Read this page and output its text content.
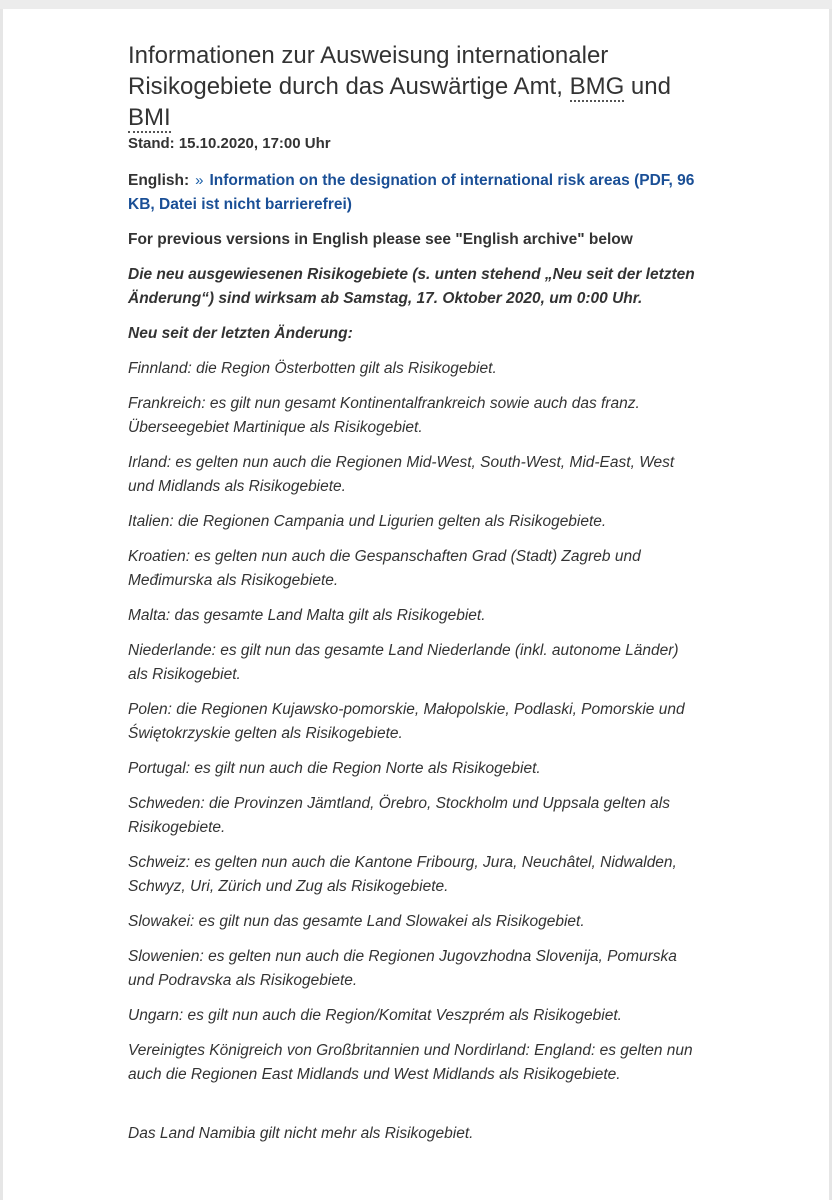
Informationen zur Ausweisung internationaler Risikogebiete durch das Auswärtige Amt, BMG und BMI
Stand: 15.10.2020, 17:00 Uhr

English: » Information on the designation of international risk areas (PDF, 96 KB, Datei ist nicht barrierefrei)

For previous versions in English please see "English archive" below

Die neu ausgewiesenen Risikogebiete (s. unten stehend „Neu seit der letzten Änderung“) sind wirksam ab Samstag, 17. Oktober 2020, um 0:00 Uhr.

Neu seit der letzten Änderung:

Finnland: die Region Österbotten gilt als Risikogebiet.

Frankreich: es gilt nun gesamt Kontinentalfrankreich sowie auch das franz. Überseegebiet Martinique als Risikogebiet.

Irland: es gelten nun auch die Regionen Mid-West, South-West, Mid-East, West und Midlands als Risikogebiete.

Italien: die Regionen Campania und Ligurien gelten als Risikogebiete.

Kroatien: es gelten nun auch die Gespanschaften Grad (Stadt) Zagreb und Međimurska als Risikogebiete.

Malta: das gesamte Land Malta gilt als Risikogebiet.

Niederlande: es gilt nun das gesamte Land Niederlande (inkl. autonome Länder) als Risikogebiet.

Polen: die Regionen Kujawsko-pomorskie, Małopolskie, Podlaski, Pomorskie und Świętokrzyskie gelten als Risikogebiete.

Portugal: es gilt nun auch die Region Norte als Risikogebiet.

Schweden: die Provinzen Jämtland, Örebro, Stockholm und Uppsala gelten als Risikogebiete.

Schweiz: es gelten nun auch die Kantone Fribourg, Jura, Neuchâtel, Nidwalden, Schwyz, Uri, Zürich und Zug als Risikogebiete.

Slowakei: es gilt nun das gesamte Land Slowakei als Risikogebiet.

Slowenien: es gelten nun auch die Regionen Jugovzhodna Slovenija, Pomurska und Podravska als Risikogebiete.

Ungarn: es gilt nun auch die Region/Komitat Veszprém als Risikogebiet.

Vereinigtes Königreich von Großbritannien und Nordirland: England: es gelten nun auch die Regionen East Midlands und West Midlands als Risikogebiete.

Das Land Namibia gilt nicht mehr als Risikogebiet.
